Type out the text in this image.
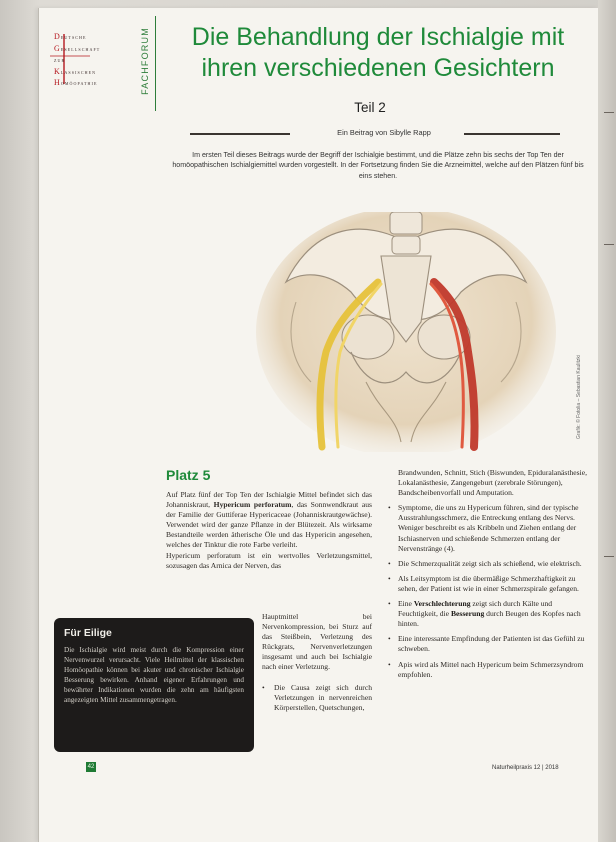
Deutsche
Gesellschaft
zur
Klassischen
Homöopathie	FACHFORUM	Die Behandlung der Ischialgie mit ihren verschiedenen Gesichtern
Teil 2
Ein Beitrag von Sibylle Rapp
Im ersten Teil dieses Beitrags wurde der Begriff der Ischialgie bestimmt, und die Plätze zehn bis sechs der Top Ten der homöopathischen Ischialgiemittel wurden vorgestellt. In der Fortsetzung finden Sie die Arzneimittel, welche auf den Plätzen fünf bis eins stehen.
Grafik: © Fotolia – Sebastian Kaulitzki
Platz 5

Auf Platz fünf der Top Ten der Ischialgie Mittel befindet sich das Johanniskraut, Hypericum perforatum, das Sonnwendkraut aus der Familie der Guttiferae Hypericaceae (Johanniskrautgewächse). Verwendet wird der ganze Pflanze in der Blütezeit. Als wirksame Bestandteile werden ätherische Öle und das Hypericin angesehen, welches der Tinktur die rote Farbe verleiht.

Hypericum perforatum ist ein wertvolles Verletzungsmittel, sozusagen das Arnica der Nerven, das

Hauptmittel bei Nervenkompression, bei Sturz auf das Steißbein, Verletzung des Rückgrats, Nervenverletzungen insgesamt und auch bei Ischialgie nach einer Verletzung.

• Die Causa zeigt sich durch Verletzungen in nervenreichen Körperstellen, Quetschungen,
Brandwunden, Schnitt, Stich (Biswunden, Epiduralanästhesie, Lokalanästhesie, Zangengeburt (zerebrale Störungen), Bandscheibenvorfall und Amputation.
• Symptome, die uns zu Hypericum führen, sind der typische Ausstrahlungsschmerz, die Entreckung entlang des Nervs. Weniger beschreibt es als Kribbeln und Ziehen entlang der Ischiasnerven und schießende Schmerzen entlang der Nervenstränge (4).
• Die Schmerzqualität zeigt sich als schießend, wie elektrisch.
• Als Leitsymptom ist die übermäßige Schmerzhaftigkeit zu sehen, der Patient ist wie in einer Schmerzspirale gefangen.
• Eine Verschlechterung zeigt sich durch Kälte und Feuchtigkeit, die Besserung durch Beugen des Kopfes nach hinten.
• Eine interessante Empfindung der Patienten ist das Gefühl zu schweben.
• Apis wird als Mittel nach Hypericum beim Schmerzsyndrom empfohlen.
Für Eilige

Die Ischialgie wird meist durch die Kompression einer Nervenwurzel verursacht. Viele Heilmittel der klassischen Homöopathie können bei akuter und chronischer Ischialgie Besserung bewirken. Anhand eigener Erfahrungen und bewährter Indikationen wurden die zehn am häufigsten angezeigten Mittel zusammengetragen.

42	Naturheilpraxis 12 | 2018
